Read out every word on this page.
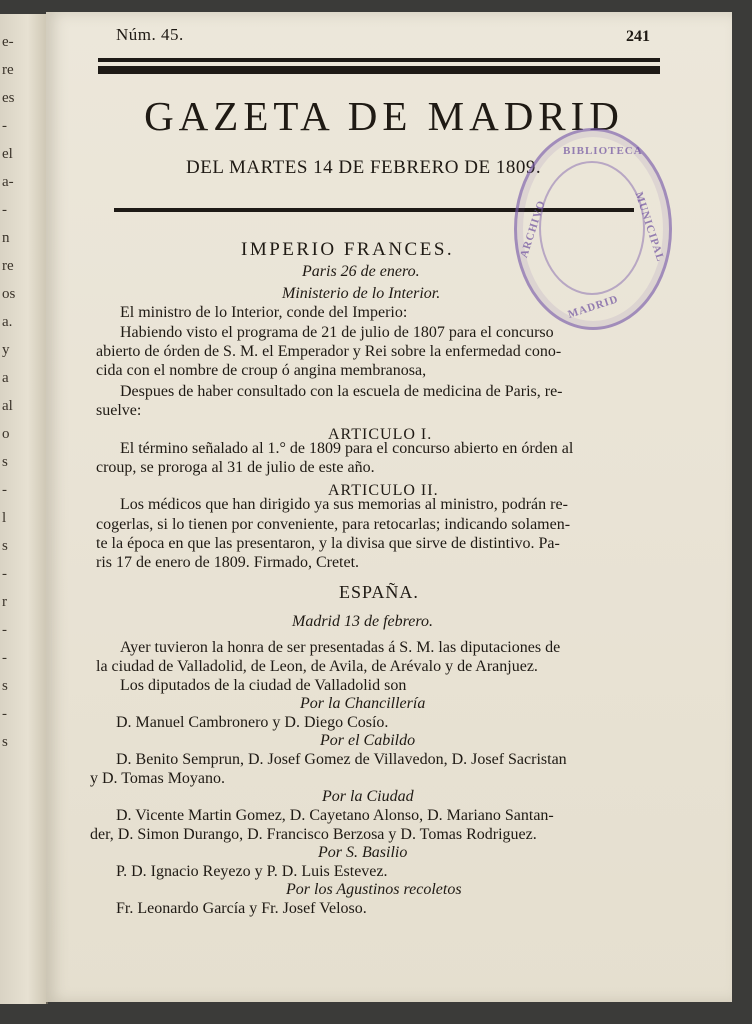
e-
re
es
-
el
a-
-
n
re
os
a.
y
a
al
o
s
-
l
s
-
r
-
-
s
-
s
Núm. 45.	241
GAZETA DE MADRID
DEL MARTES 14 DE FEBRERO DE 1809.
BIBLIOTECA
ARCHIVO	MUNICIPAL
MADRID
IMPERIO FRANCES.
Paris 26 de enero.
Ministerio de lo Interior.
El ministro de lo Interior, conde del Imperio:
Habiendo visto el programa de 21 de julio de 1807 para el concurso
abierto de órden de S. M. el Emperador y Rei sobre la enfermedad cono-
cida con el nombre de croup ó angina membranosa,
Despues de haber consultado con la escuela de medicina de Paris, re-
suelve:
ARTICULO I.
El término señalado al 1.° de 1809 para el concurso abierto en órden al
croup, se proroga al 31 de julio de este año.
ARTICULO II.
Los médicos que han dirigido ya sus memorias al ministro, podrán re-
cogerlas, si lo tienen por conveniente, para retocarlas; indicando solamen-
te la época en que las presentaron, y la divisa que sirve de distintivo. Pa-
ris 17 de enero de 1809. Firmado, Cretet.
ESPAÑA.
Madrid 13 de febrero.
Ayer tuvieron la honra de ser presentadas á S. M. las diputaciones de
la ciudad de Valladolid, de Leon, de Avila, de Arévalo y de Aranjuez.
Los diputados de la ciudad de Valladolid son
Por la Chancillería
D. Manuel Cambronero y D. Diego Cosío.
Por el Cabildo
D. Benito Semprun, D. Josef Gomez de Villavedon, D. Josef Sacristan
y D. Tomas Moyano.
Por la Ciudad
D. Vicente Martin Gomez, D. Cayetano Alonso, D. Mariano Santan-
der, D. Simon Durango, D. Francisco Berzosa y D. Tomas Rodriguez.
Por S. Basilio
P. D. Ignacio Reyezo y P. D. Luis Estevez.
Por los Agustinos recoletos
Fr. Leonardo García y Fr. Josef Veloso.
